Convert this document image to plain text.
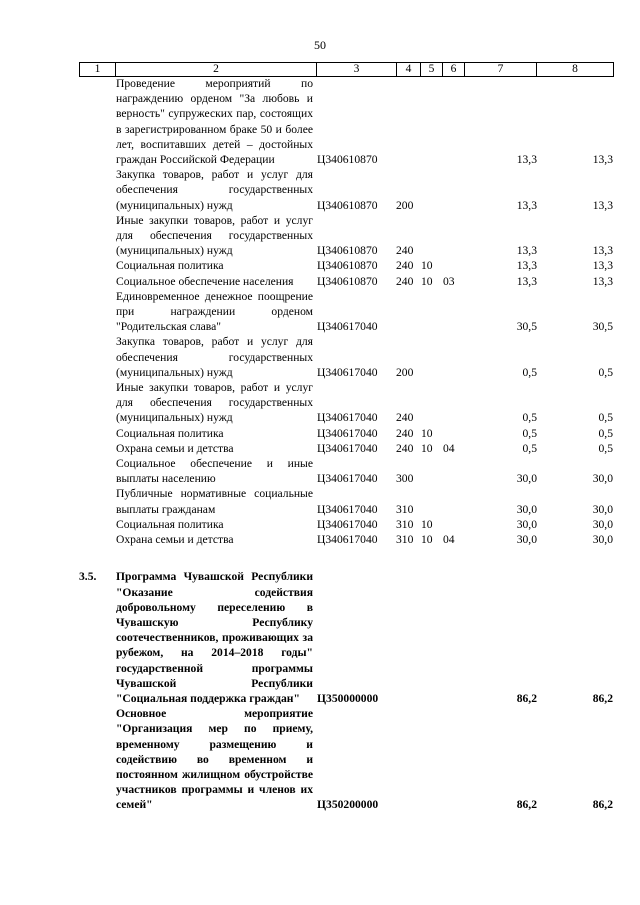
50
1	2	3	4	5	6	7	8
Проведение мероприятий по награждению орденом "За любовь и верность" супружеских пар, состоящих в зарегистрированном браке 50 и более лет, воспитавших детей – достойных граждан Российской Федерации	Ц340610870	13,3	13,3
Закупка товаров, работ и услуг для обеспечения государственных (муниципальных) нужд	Ц340610870 200	13,3	13,3
Иные закупки товаров, работ и услуг для обеспечения государственных (муниципальных) нужд	Ц340610870 240	13,3	13,3
Социальная политика	Ц340610870 240 10	13,3	13,3
Социальное обеспечение населения	Ц340610870 240 10 03	13,3	13,3
Единовременное денежное поощрение при награждении орденом "Родительская слава"	Ц340617040	30,5	30,5
Закупка товаров, работ и услуг для обеспечения государственных (муниципальных) нужд	Ц340617040 200	0,5	0,5
Иные закупки товаров, работ и услуг для обеспечения государственных (муниципальных) нужд	Ц340617040 240	0,5	0,5
Социальная политика	Ц340617040 240 10	0,5	0,5
Охрана семьи и детства	Ц340617040 240 10 04	0,5	0,5
Социальное обеспечение и иные выплаты населению	Ц340617040 300	30,0	30,0
Публичные нормативные социальные выплаты гражданам	Ц340617040 310	30,0	30,0
Социальная политика	Ц340617040 310 10	30,0	30,0
Охрана семьи и детства	Ц340617040 310 10 04	30,0	30,0
3.5.	Программа Чувашской Республики "Оказание содействия добровольному переселению в Чувашскую Республику соотечественников, проживающих за рубежом, на 2014–2018 годы" государственной программы Чувашской Республики "Социальная поддержка граждан"	Ц350000000	86,2	86,2
Основное мероприятие "Организация мер по приему, временному размещению и содействию во временном и постоянном жилищном обустройстве участников программы и членов их семей"	Ц350200000	86,2	86,2
